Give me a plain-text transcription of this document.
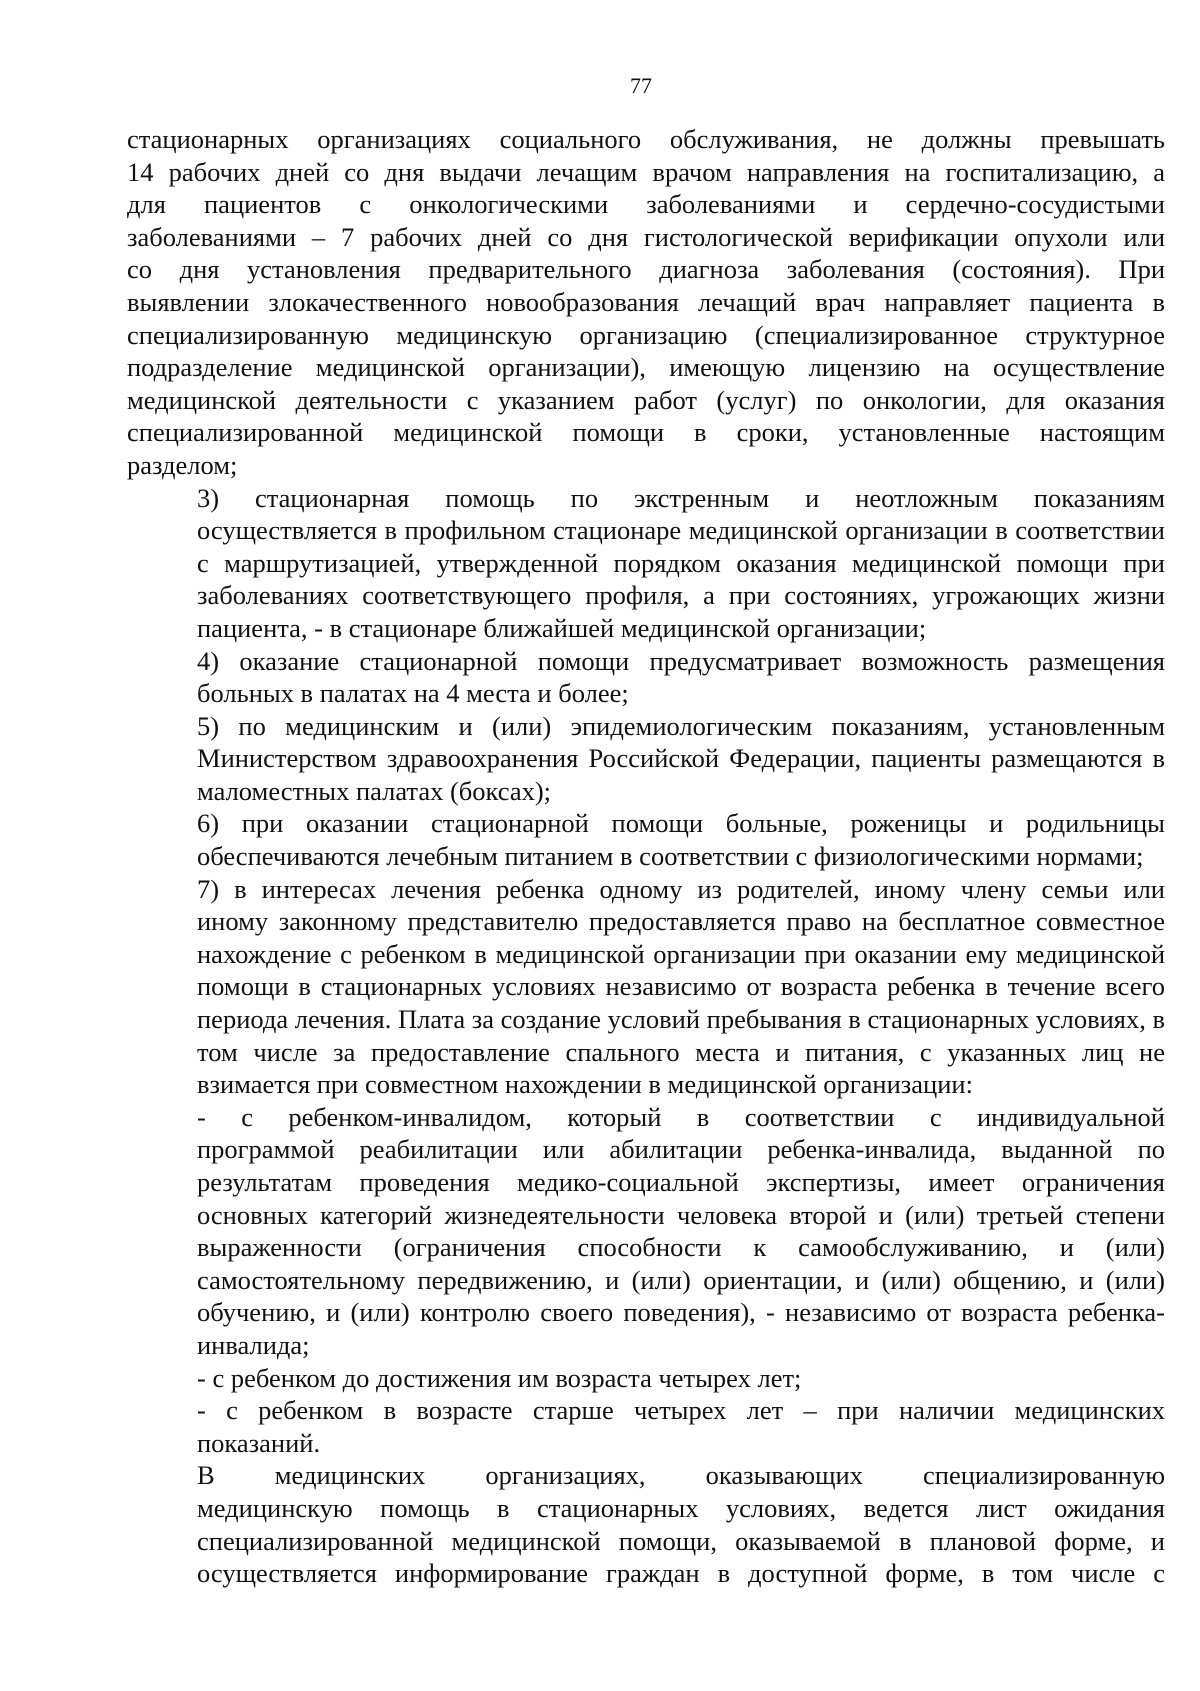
77
стационарных организациях социального обслуживания, не должны превышать
14 рабочих дней со дня выдачи лечащим врачом направления на госпитализацию, а
для пациентов с онкологическими заболеваниями и сердечно-сосудистыми
заболеваниями – 7 рабочих дней со дня гистологической верификации опухоли или
со дня установления предварительного диагноза заболевания (состояния). При
выявлении злокачественного новообразования лечащий врач направляет пациента в
специализированную медицинскую организацию (специализированное структурное
подразделение медицинской организации), имеющую лицензию на осуществление
медицинской деятельности с указанием работ (услуг) по онкологии, для оказания
специализированной медицинской помощи в сроки, установленные настоящим
разделом;
3) стационарная помощь по экстренным и неотложным показаниям
осуществляется в профильном стационаре медицинской организации в соответствии
с маршрутизацией, утвержденной порядком оказания медицинской помощи при
заболеваниях соответствующего профиля, а при состояниях, угрожающих жизни
пациента, - в стационаре ближайшей медицинской организации;
4) оказание стационарной помощи предусматривает возможность размещения
больных в палатах на 4 места и более;
5) по медицинским и (или) эпидемиологическим показаниям, установленным
Министерством здравоохранения Российской Федерации, пациенты размещаются в
маломестных палатах (боксах);
6) при оказании стационарной помощи больные, роженицы и родильницы
обеспечиваются лечебным питанием в соответствии с физиологическими нормами;
7) в интересах лечения ребенка одному из родителей, иному члену семьи или
иному законному представителю предоставляется право на бесплатное совместное
нахождение с ребенком в медицинской организации при оказании ему медицинской
помощи в стационарных условиях независимо от возраста ребенка в течение всего
периода лечения. Плата за создание условий пребывания в стационарных условиях, в
том числе за предоставление спального места и питания, с указанных лиц не
взимается при совместном нахождении в медицинской организации:
- с ребенком-инвалидом, который в соответствии с индивидуальной
программой реабилитации или абилитации ребенка-инвалида, выданной по
результатам проведения медико-социальной экспертизы, имеет ограничения
основных категорий жизнедеятельности человека второй и (или) третьей степени
выраженности (ограничения способности к самообслуживанию, и (или)
самостоятельному передвижению, и (или) ориентации, и (или) общению, и (или)
обучению, и (или) контролю своего поведения), - независимо от возраста ребенка-
инвалида;
- с ребенком до достижения им возраста четырех лет;
- с ребенком в возрасте старше четырех лет – при наличии медицинских
показаний.
В медицинских организациях, оказывающих специализированную
медицинскую помощь в стационарных условиях, ведется лист ожидания
специализированной медицинской помощи, оказываемой в плановой форме, и
осуществляется информирование граждан в доступной форме, в том числе с
